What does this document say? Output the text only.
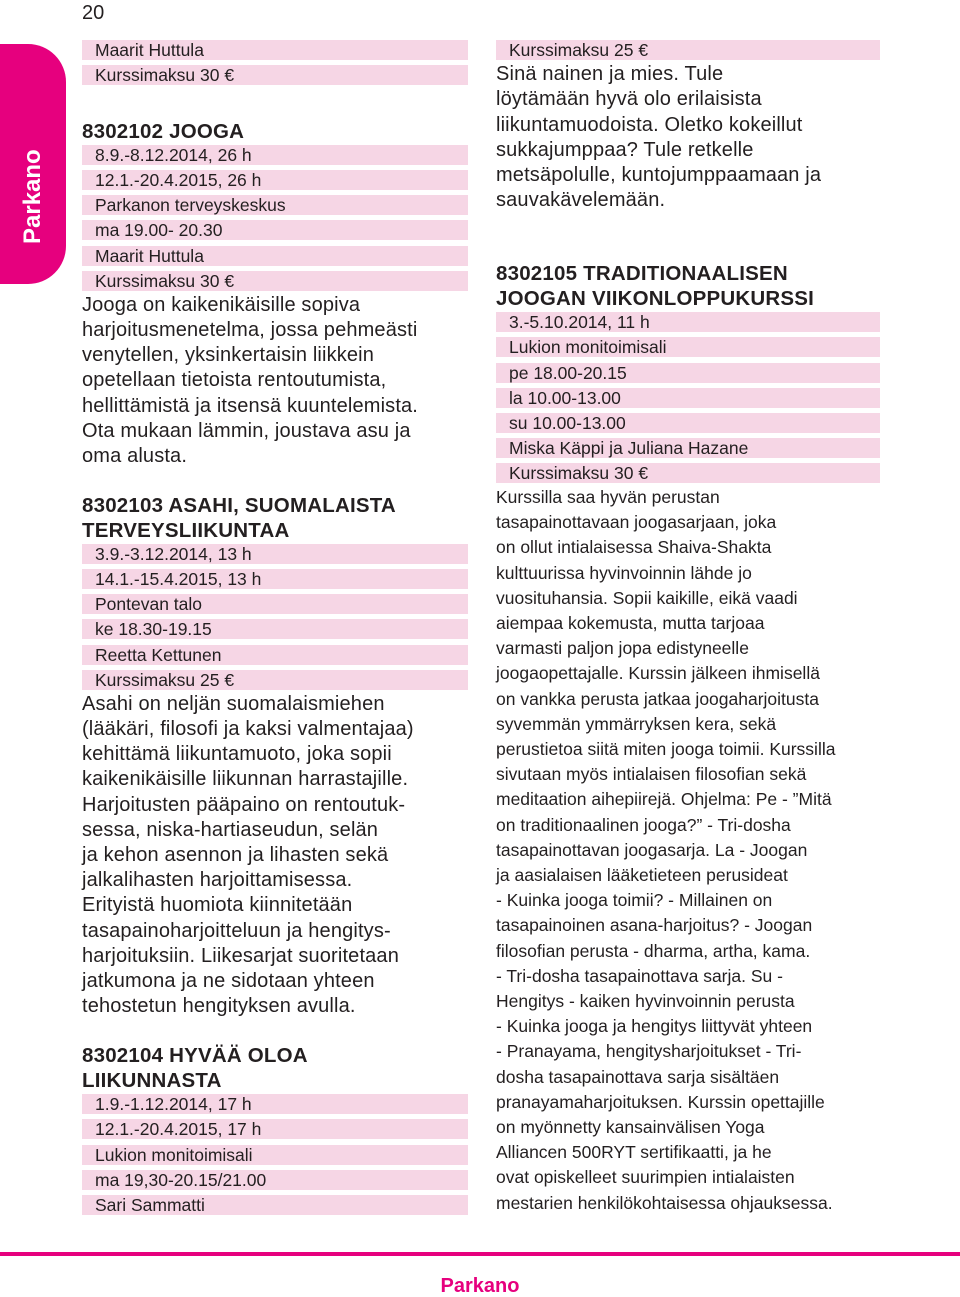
20
Parkano
Maarit Huttula
Kurssimaksu 30 €
8302102 JOOGA
8.9.-8.12.2014, 26 h
12.1.-20.4.2015, 26 h
Parkanon terveyskeskus
ma 19.00- 20.30
Maarit Huttula
Kurssimaksu 30 €
Jooga on kaikenikäisille sopiva
harjoitusmenetelma, jossa pehmeästi
venytellen, yksinkertaisin liikkein
opetellaan tietoista rentoutumista,
hellittämistä ja itsensä kuuntelemista.
Ota mukaan lämmin, joustava asu ja
oma alusta.
8302103 ASAHI, SUOMALAISTA
TERVEYSLIIKUNTAA
3.9.-3.12.2014, 13 h
14.1.-15.4.2015, 13 h
Pontevan talo
ke 18.30-19.15
Reetta Kettunen
Kurssimaksu 25 €
Asahi on neljän suomalaismiehen
(lääkäri, filosofi ja kaksi valmentajaa)
kehittämä liikuntamuoto, joka sopii
kaikenikäisille liikunnan harrastajille.
Harjoitusten pääpaino on rentoutuk-
sessa, niska-hartiaseudun, selän
ja kehon asennon ja lihasten sekä
jalkalihasten harjoittamisessa.
Erityistä huomiota kiinnitetään
tasapainoharjoitteluun ja hengitys-
harjoituksiin. Liikesarjat suoritetaan
jatkumona ja ne sidotaan yhteen
tehostetun hengityksen avulla.
8302104 HYVÄÄ OLOA
LIIKUNNASTA
1.9.-1.12.2014, 17 h
12.1.-20.4.2015, 17 h
Lukion monitoimisali
ma 19,30-20.15/21.00
Sari Sammatti
Kurssimaksu 25 €
Sinä nainen ja mies. Tule
löytämään hyvä olo erilaisista
liikuntamuodoista. Oletko kokeillut
sukkajumppaa? Tule retkelle
metsäpolulle, kuntojumppaamaan ja
sauvakävelemään.
8302105 TRADITIONAALISEN
JOOGAN VIIKONLOPPUKURSSI
3.-5.10.2014, 11 h
Lukion monitoimisali
pe 18.00-20.15
la 10.00-13.00
su 10.00-13.00
Miska Käppi ja Juliana Hazane
Kurssimaksu 30 €
Kurssilla saa hyvän perustan
tasapainottavaan joogasarjaan, joka
on ollut intialaisessa Shaiva-Shakta
kulttuurissa hyvinvoinnin lähde jo
vuosituhansia. Sopii kaikille, eikä vaadi
aiempaa kokemusta, mutta tarjoaa
varmasti paljon jopa edistyneelle
joogaopettajalle. Kurssin jälkeen ihmisellä
on vankka perusta jatkaa joogaharjoitusta
syvemmän ymmärryksen kera, sekä
perustietoa siitä miten jooga toimii. Kurssilla
sivutaan myös intialaisen filosofian sekä
meditaation aihepiirejä. Ohjelma: Pe - ”Mitä
on traditionaalinen jooga?” - Tri-dosha
tasapainottavan joogasarja. La - Joogan
ja aasialaisen lääketieteen perusideat
- Kuinka jooga toimii? - Millainen on
tasapainoinen asana-harjoitus? - Joogan
filosofian perusta - dharma, artha, kama.
- Tri-dosha tasapainottava sarja. Su -
Hengitys - kaiken hyvinvoinnin perusta
- Kuinka jooga ja hengitys liittyvät yhteen
- Pranayama, hengitysharjoitukset - Tri-
dosha tasapainottava sarja sisältäen
pranayamaharjoituksen. Kurssin opettajille
on myönnetty kansainvälisen Yoga
Alliancen 500RYT sertifikaatti, ja he
ovat opiskelleet suurimpien intialaisten
mestarien henkilökohtaisessa ohjauksessa.
Parkano
